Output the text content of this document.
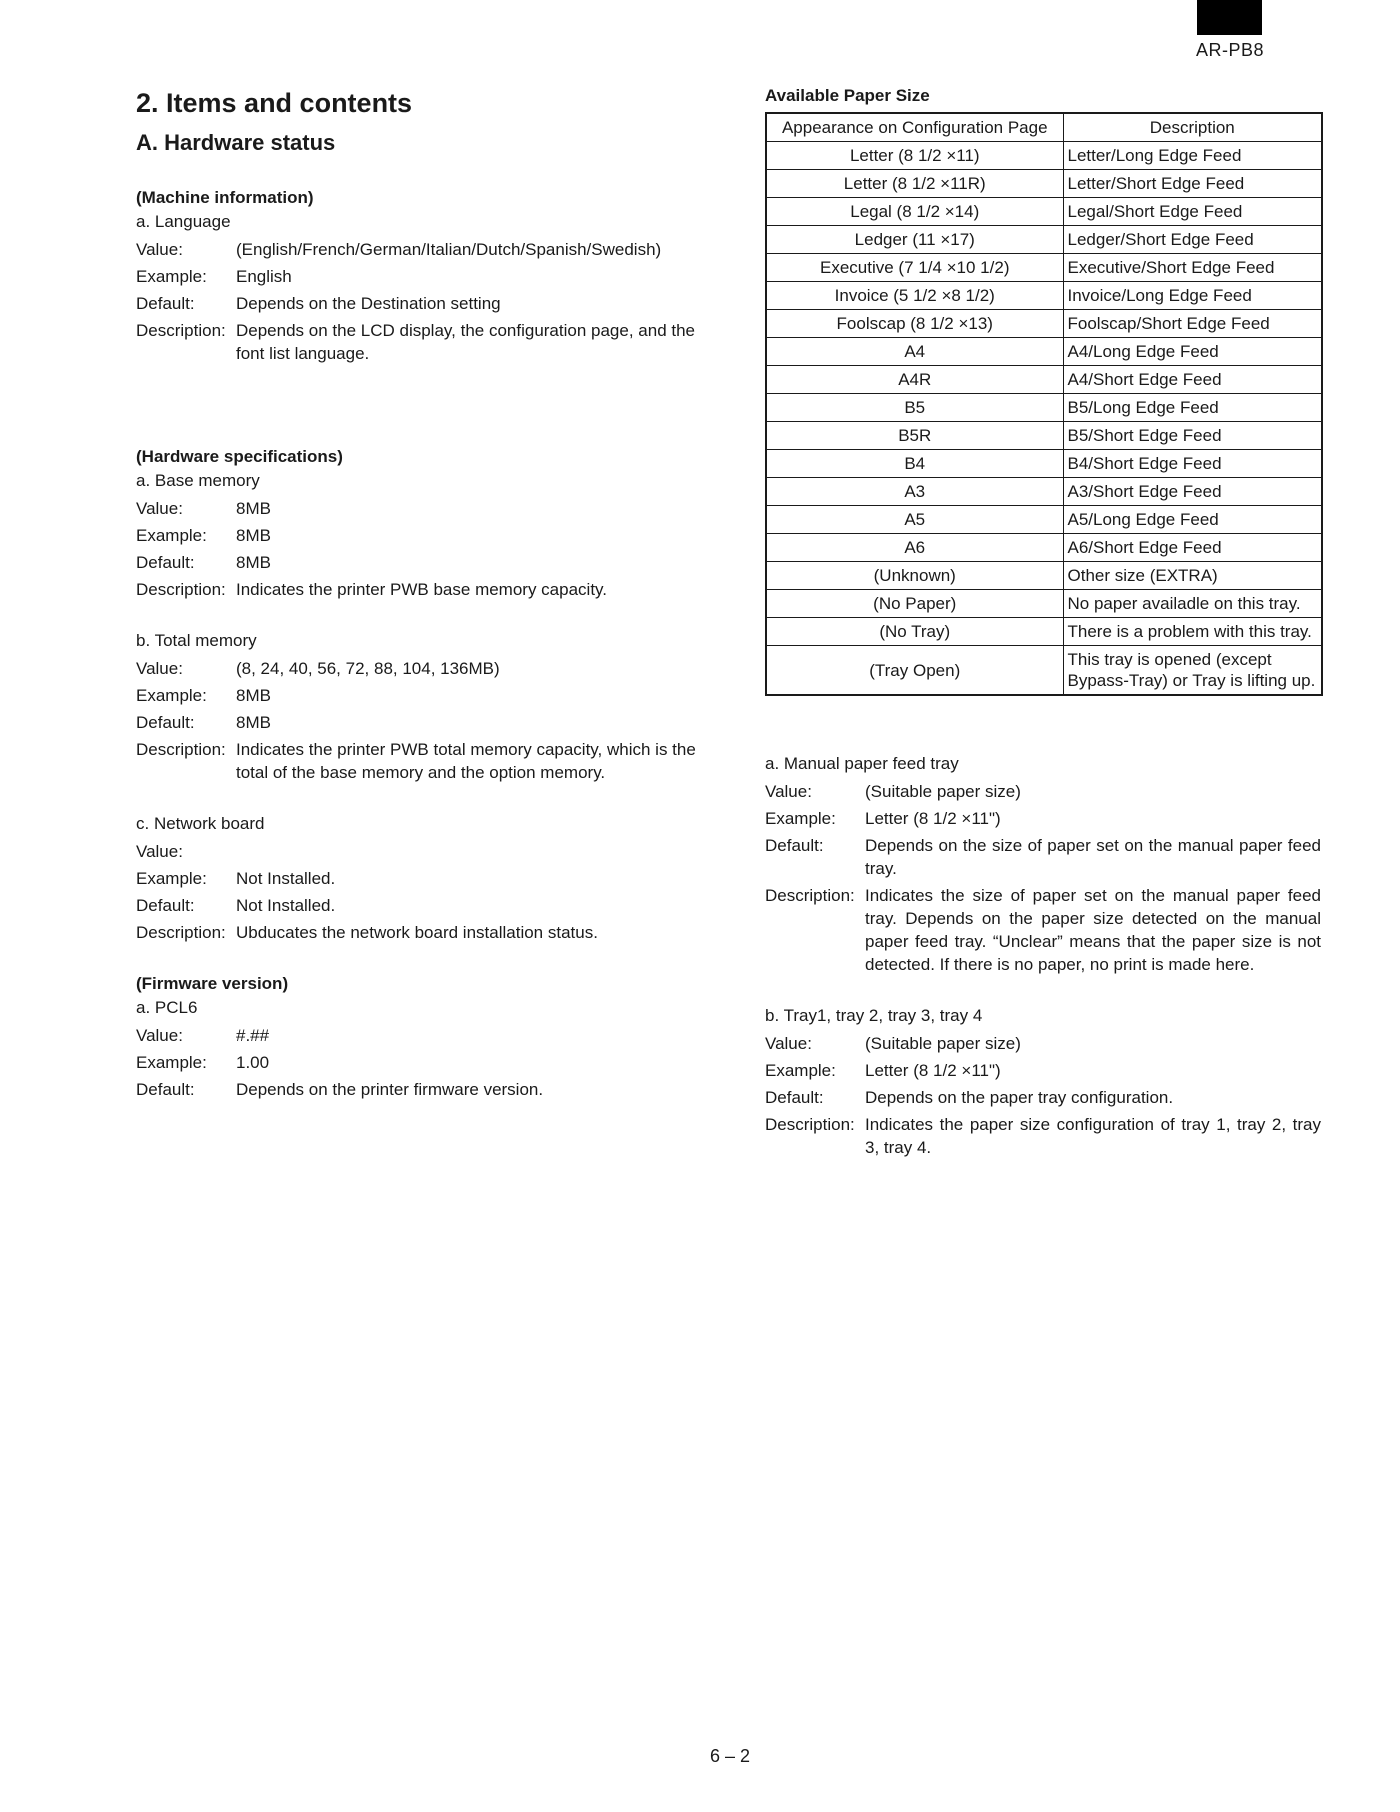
AR-PB8
2. Items and contents
A. Hardware status
(Machine information)
a. Language
Value:	(English/French/German/Italian/Dutch/Spanish/Swedish)
Example:	English
Default:	Depends on the Destination setting
Description: Depends on the LCD display, the configuration page, and the font list language.
(Hardware specifications)
a. Base memory
Value:	8MB
Example:	8MB
Default:	8MB
Description: Indicates the printer PWB base memory capacity.
b. Total memory
Value:	(8, 24, 40, 56, 72, 88, 104, 136MB)
Example:	8MB
Default:	8MB
Description: Indicates the printer PWB total memory capacity, which is the total of the base memory and the option memory.
c. Network board
Value:
Example:	Not Installed.
Default:	Not Installed.
Description: Ubducates the network board installation status.
(Firmware version)
a. PCL6
Value:	#.##
Example:	1.00
Default:	Depends on the printer firmware version.
Available Paper Size
Appearance on Configuration Page	Description
Letter (8 1/2 ×11)	Letter/Long Edge Feed
Letter (8 1/2 ×11R)	Letter/Short Edge Feed
Legal (8 1/2 ×14)	Legal/Short Edge Feed
Ledger (11 ×17)	Ledger/Short Edge Feed
Executive (7 1/4 ×10 1/2)	Executive/Short Edge Feed
Invoice (5 1/2 ×8 1/2)	Invoice/Long Edge Feed
Foolscap (8 1/2 ×13)	Foolscap/Short Edge Feed
A4	A4/Long Edge Feed
A4R	A4/Short Edge Feed
B5	B5/Long Edge Feed
B5R	B5/Short Edge Feed
B4	B4/Short Edge Feed
A3	A3/Short Edge Feed
A5	A5/Long Edge Feed
A6	A6/Short Edge Feed
(Unknown)	Other size (EXTRA)
(No Paper)	No paper availadle on this tray.
(No Tray)	There is a problem with this tray.
(Tray Open)	This tray is opened (except Bypass-Tray) or Tray is lifting up.
a. Manual paper feed tray
Value:	(Suitable paper size)
Example:	Letter (8 1/2 ×11")
Default:	Depends on the size of paper set on the manual paper feed tray.
Description: Indicates the size of paper set on the manual paper feed tray. Depends on the paper size detected on the manual paper feed tray. “Unclear” means that the paper size is not detected. If there is no paper, no print is made here.
b. Tray1, tray 2, tray 3, tray 4
Value:	(Suitable paper size)
Example:	Letter (8 1/2 ×11")
Default:	Depends on the paper tray configuration.
Description: Indicates the paper size configuration of tray 1, tray 2, tray 3, tray 4.
6 – 2
